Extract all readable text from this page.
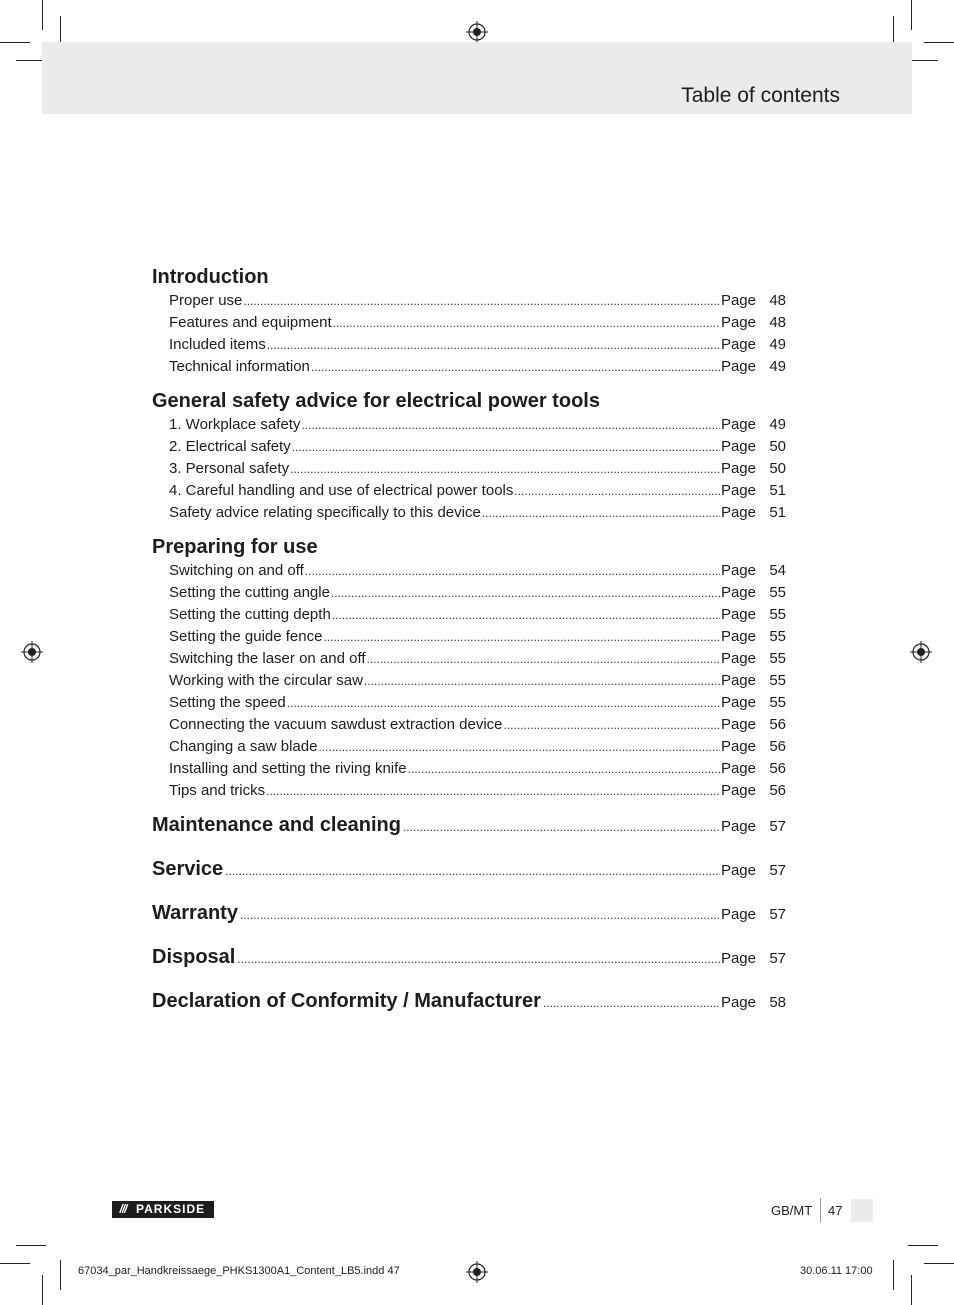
Table of contents
Introduction
Proper use .....	Page 48
Features and equipment .....	Page 48
Included items .....	Page 49
Technical information .....	Page 49
General safety advice for electrical power tools
1. Workplace safety .....	Page 49
2. Electrical safety .....	Page 50
3. Personal safety .....	Page 50
4. Careful handling and use of electrical power tools .....	Page 51
Safety advice relating specifically to this device .....	Page 51
Preparing for use
Switching on and off .....	Page 54
Setting the cutting angle .....	Page 55
Setting the cutting depth .....	Page 55
Setting the guide fence .....	Page 55
Switching the laser on and off .....	Page 55
Working with the circular saw .....	Page 55
Setting the speed .....	Page 55
Connecting the vacuum sawdust extraction device .....	Page 56
Changing a saw blade .....	Page 56
Installing and setting the riving knife .....	Page 56
Tips and tricks .....	Page 56
Maintenance and cleaning .....	Page 57
Service .....	Page 57
Warranty .....	Page 57
Disposal .....	Page 57
Declaration of Conformity / Manufacturer .....	Page 58
/// PARKSIDE	GB/MT 47
67034_par_Handkreissaege_PHKS1300A1_Content_LB5.indd 47	30.06.11 17:00
